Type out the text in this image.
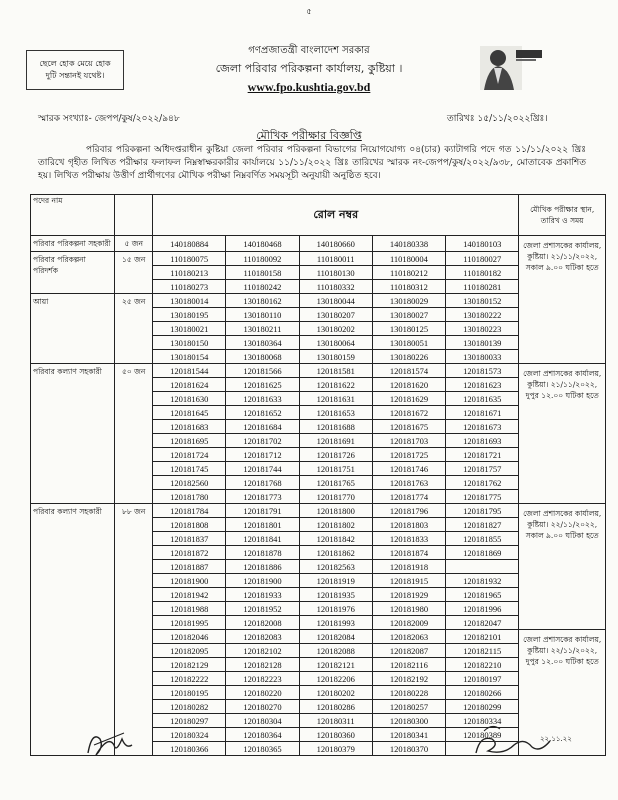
৫
ছেলে হোক মেয়ে হোক
দুটি সন্তানই যথেষ্ট।
গণপ্রজাতন্ত্রী বাংলাদেশ সরকার
জেলা পরিবার পরিকল্পনা কার্যালয়, কুষ্টিয়া ।
www.fpo.kushtia.gov.bd
স্মারক সংখ্যাঃ- জেপপ/কুষ/২০২২/৯৪৮	তারিখঃ ১৫/১১/২০২২খ্রিঃ।
মৌখিক পরীক্ষার বিজ্ঞপ্তি
পরিবার পরিকল্পনা অধিদপ্তরাধীন কুষ্টিয়া জেলা পরিবার পরিকল্পনা বিভাগের নিয়োগযোগ্য ০৪(চার) ক্যাটাগরি পদে গত ১১/১১/২০২২ খ্রিঃ তারিখে গৃহীত লিখিত পরীক্ষার ফলাফল নিম্নস্বাক্ষরকারীর কার্যালয়ে ১১/১১/২০২২ খ্রিঃ তারিখের স্মারক নং-জেপপ/কুষ/২০২২/৯৩৮, মোতাবেক প্রকাশিত হয়। লিখিত পরীক্ষায় উত্তীর্ণ প্রার্থীগণের মৌখিক পরীক্ষা নিম্নবর্ণিত সময়সূচী অনুযায়ী অনুষ্ঠিত হবে।
পদের নাম		রোল নম্বর					মৌখিক পরীক্ষার স্থান, তারিখ ও সময়
পরিবার পরিকল্পনা সহকারী	৫ জন	140180884	140180468	140180660	140180338	140180103	জেলা প্রশাসকের কার্যালয়, কুষ্টিয়া। ২১/১১/২০২২, সকাল ৯.০০ ঘটিকা হতে
পরিবার পরিকল্পনা পরিদর্শক	১৫ জন	110180075	110180092	110180011	110180004	110180027	
		110180213	110180158	110180130	110180212	110180182	
		110180273	110180242	110180332	110180312	110180281	
আয়া	২৫ জন	130180014	130180162	130180044	130180029	130180152	
		130180195	130180110	130180207	130180027	130180222	
		130180021	130180211	130180202	130180125	130180223	
		130180150	130180364	130180064	130180051	130180139	
		130180154	130180068	130180159	130180226	130180033	
পরিবার কল্যাণ সহকারী	৫০ জন	120181544	120181566	120181581	120181574	120181573	জেলা প্রশাসকের কার্যালয়, কুষ্টিয়া। ২১/১১/২০২২, দুপুর ১২.০০ ঘটিকা হতে
		120181624	120181625	120181622	120181620	120181623	
		120181630	120181633	120181631	120181629	120181635	
		120181645	120181652	120181653	120181672	120181671	
		120181683	120181684	120181688	120181675	120181673	
		120181695	120181702	120181691	120181703	120181693	
		120181724	120181712	120181726	120181725	120181721	
		120181745	120181744	120181751	120181746	120181757	
		120182560	120181768	120181765	120181763	120181762	
		120181780	120181773	120181770	120181774	120181775	
পরিবার কল্যাণ সহকারী	৮৮ জন	120181784	120181791	120181800	120181796	120181795	জেলা প্রশাসকের কার্যালয়, কুষ্টিয়া। ২২/১১/২০২২, সকাল ৯.০০ ঘটিকা হতে
		120181808	120181801	120181802	120181803	120181827	
		120181837	120181841	120181842	120181833	120181855	
		120181872	120181878	120181862	120181874	120181869	
		120181887	120181886	120182563	120181918		
		120181900	120181900	120181919	120181915	120181932	
		120181942	120181933	120181935	120181929	120181965	
		120181988	120181952	120181976	120181980	120181996	
		120181995	120182008	120181993	120182009	120182047	
		120182046	120182083	120182084	120182063	120182101	জেলা প্রশাসকের কার্যালয়, কুষ্টিয়া। ২২/১১/২০২২, দুপুর ১২.০০ ঘটিকা হতে
		120182095	120182102	120182088	120182087	120182115	
		120182129	120182128	120182121	120182116	120182210	
		120182222	120182223	120182206	120182192	120180197	
		120180195	120180220	120180202	120180228	120180266	
		120180282	120180270	120180286	120180257	120180299	
		120180297	120180304	120180311	120180300	120180334	
		120180324	120180364	120180360	120180341	120180389	
		120180366	120180365	120180379	120180370		
২২.১১.২২
